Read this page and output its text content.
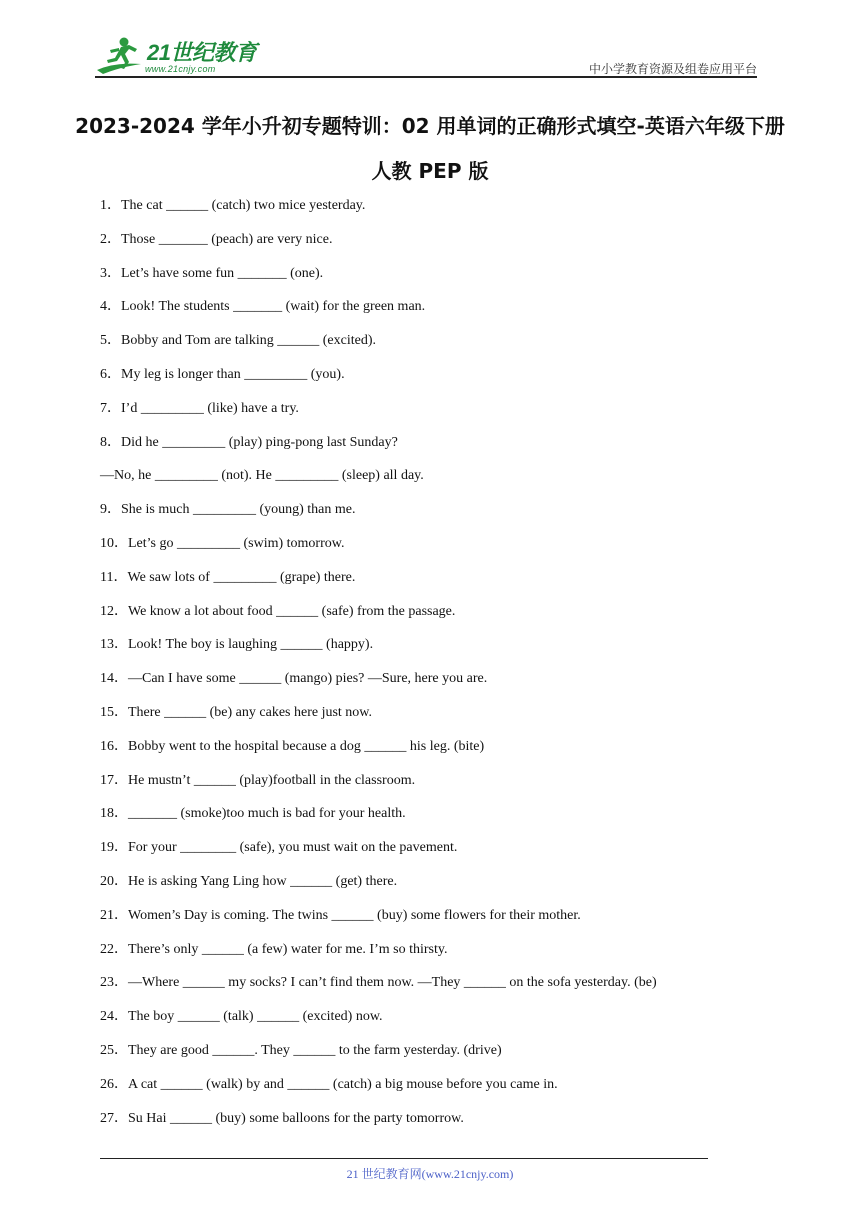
21世纪教育
www.21cnjy.com	中小学教育资源及组卷应用平台
2023-2024 学年小升初专题特训：02 用单词的正确形式填空-英语六年级下册人教 PEP 版
1．The cat ______ (catch) two mice yesterday.
2．Those _______ (peach) are very nice.
3．Let’s have some fun _______ (one).
4．Look! The students _______ (wait) for the green man.
5．Bobby and Tom are talking ______ (excited).
6．My leg is longer than _________ (you).
7．I’d _________ (like) have a try.
8．Did he _________ (play) ping-pong last Sunday?
—No, he _________ (not). He _________ (sleep) all day.
9．She is much _________ (young) than me.
10．Let’s go _________ (swim) tomorrow.
11．We saw lots of _________ (grape) there.
12．We know a lot about food ______ (safe) from the passage.
13．Look! The boy is laughing ______ (happy).
14．—Can I have some ______ (mango) pies? —Sure, here you are.
15．There ______ (be) any cakes here just now.
16．Bobby went to the hospital because a dog ______ his leg. (bite)
17．He mustn’t ______ (play)football in the classroom.
18．_______ (smoke)too much is bad for your health.
19．For your ________ (safe), you must wait on the pavement.
20．He is asking Yang Ling how ______ (get) there.
21．Women’s Day is coming. The twins ______ (buy) some flowers for their mother.
22．There’s only ______ (a few) water for me. I’m so thirsty.
23．—Where ______ my socks? I can’t find them now. —They ______ on the sofa yesterday. (be)
24．The boy ______ (talk) ______ (excited) now.
25．They are good ______. They ______ to the farm yesterday. (drive)
26．A cat ______ (walk) by and ______ (catch) a big mouse before you came in.
27．Su Hai ______ (buy) some balloons for the party tomorrow.
21 世纪教育网(www.21cnjy.com)
